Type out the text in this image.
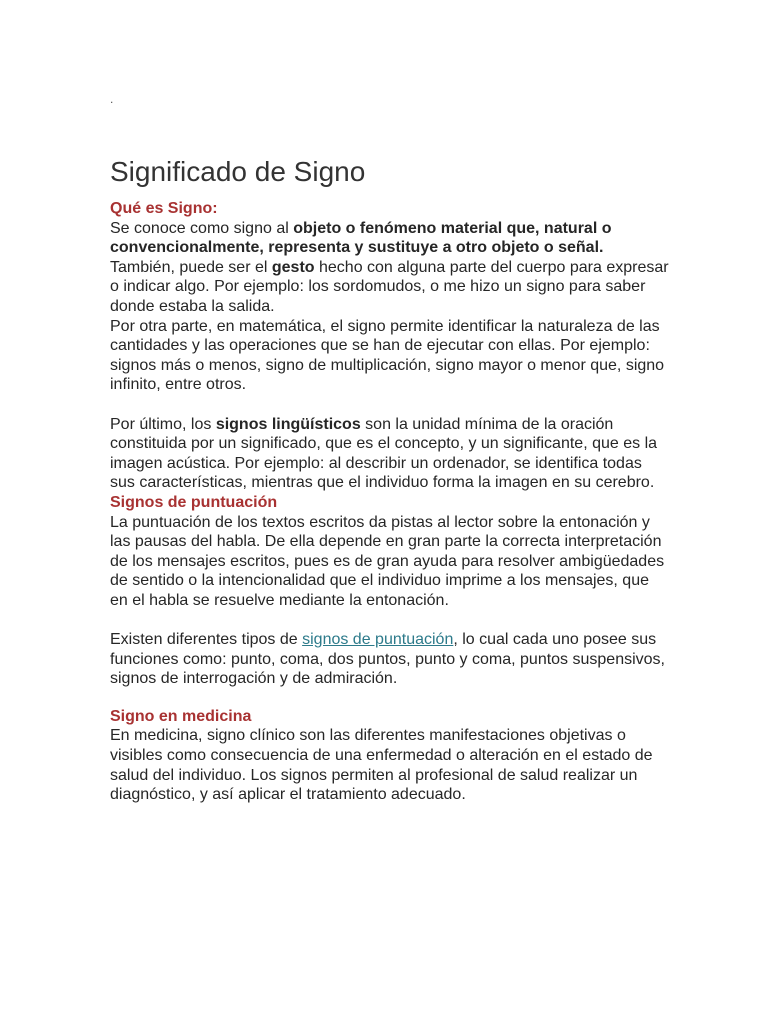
.
Significado de Signo
Qué es Signo:

Se conoce como signo al objeto o fenómeno material que, natural o convencionalmente, representa y sustituye a otro objeto o señal.

También, puede ser el gesto hecho con alguna parte del cuerpo para expresar o indicar algo. Por ejemplo: los sordomudos, o me hizo un signo para saber donde estaba la salida.

Por otra parte, en matemática, el signo permite identificar la naturaleza de las cantidades y las operaciones que se han de ejecutar con ellas. Por ejemplo: signos más o menos, signo de multiplicación, signo mayor o menor que, signo infinito, entre otros.

Por último, los signos lingüísticos son la unidad mínima de la oración constituida por un significado, que es el concepto, y un significante, que es la imagen acústica. Por ejemplo: al describir un ordenador, se identifica todas sus características, mientras que el individuo forma la imagen en su cerebro.

Signos de puntuación

La puntuación de los textos escritos da pistas al lector sobre la entonación y las pausas del habla. De ella depende en gran parte la correcta interpretación de los mensajes escritos, pues es de gran ayuda para resolver ambigüedades de sentido o la intencionalidad que el individuo imprime a los mensajes, que en el habla se resuelve mediante la entonación.

Existen diferentes tipos de signos de puntuación, lo cual cada uno posee sus funciones como: punto, coma, dos puntos, punto y coma, puntos suspensivos, signos de interrogación y de admiración.

Signo en medicina

En medicina, signo clínico son las diferentes manifestaciones objetivas o visibles como consecuencia de una enfermedad o alteración en el estado de salud del individuo. Los signos permiten al profesional de salud realizar un diagnóstico, y así aplicar el tratamiento adecuado.
